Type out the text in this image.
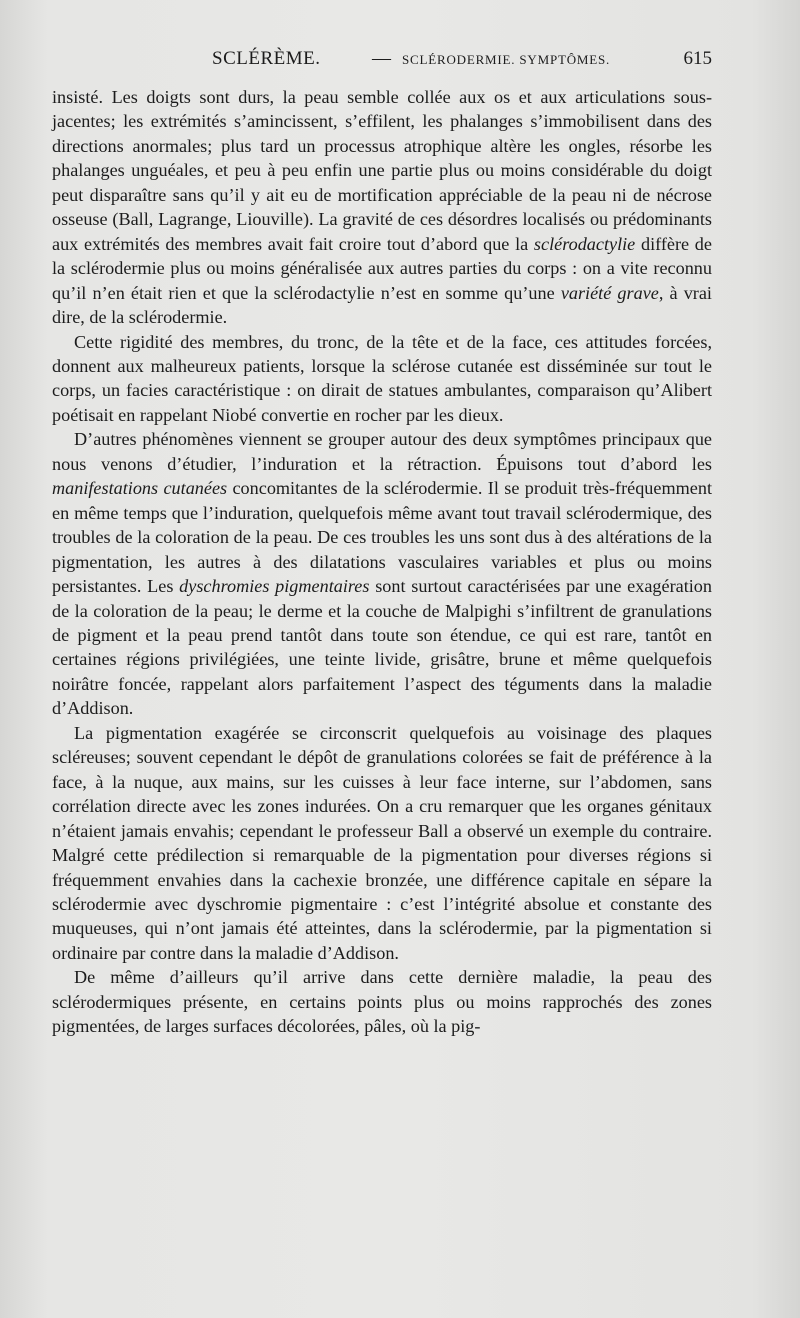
SCLÉRÈME.	— SCLÉRODERMIE. SYMPTÔMES.	615

insisté. Les doigts sont durs, la peau semble collée aux os et aux articulations sous-jacentes; les extrémités s’amincissent, s’effilent, les phalanges s’immobilisent dans des directions anormales; plus tard un processus atrophique altère les ongles, résorbe les phalanges unguéales, et peu à peu enfin une partie plus ou moins considérable du doigt peut disparaître sans qu’il y ait eu de mortification appréciable de la peau ni de nécrose osseuse (Ball, Lagrange, Liouville). La gravité de ces désordres localisés ou prédominants aux extrémités des membres avait fait croire tout d’abord que la sclérodactylie diffère de la sclérodermie plus ou moins généralisée aux autres parties du corps : on a vite reconnu qu’il n’en était rien et que la sclérodactylie n’est en somme qu’une variété grave, à vrai dire, de la sclérodermie.

Cette rigidité des membres, du tronc, de la tête et de la face, ces attitudes forcées, donnent aux malheureux patients, lorsque la sclérose cutanée est disséminée sur tout le corps, un facies caractéristique : on dirait de statues ambulantes, comparaison qu’Alibert poétisait en rappelant Niobé convertie en rocher par les dieux.

D’autres phénomènes viennent se grouper autour des deux symptômes principaux que nous venons d’étudier, l’induration et la rétraction. Épuisons tout d’abord les manifestations cutanées concomitantes de la sclérodermie. Il se produit très-fréquemment en même temps que l’induration, quelquefois même avant tout travail sclérodermique, des troubles de la coloration de la peau. De ces troubles les uns sont dus à des altérations de la pigmentation, les autres à des dilatations vasculaires variables et plus ou moins persistantes. Les dyschromies pigmentaires sont surtout caractérisées par une exagération de la coloration de la peau; le derme et la couche de Malpighi s’infiltrent de granulations de pigment et la peau prend tantôt dans toute son étendue, ce qui est rare, tantôt en certaines régions privilégiées, une teinte livide, grisâtre, brune et même quelquefois noirâtre foncée, rappelant alors parfaitement l’aspect des téguments dans la maladie d’Addison.

La pigmentation exagérée se circonscrit quelquefois au voisinage des plaques scléreuses; souvent cependant le dépôt de granulations colorées se fait de préférence à la face, à la nuque, aux mains, sur les cuisses à leur face interne, sur l’abdomen, sans corrélation directe avec les zones indurées. On a cru remarquer que les organes génitaux n’étaient jamais envahis; cependant le professeur Ball a observé un exemple du contraire. Malgré cette prédilection si remarquable de la pigmentation pour diverses régions si fréquemment envahies dans la cachexie bronzée, une différence capitale en sépare la sclérodermie avec dyschromie pigmentaire : c’est l’intégrité absolue et constante des muqueuses, qui n’ont jamais été atteintes, dans la sclérodermie, par la pigmentation si ordinaire par contre dans la maladie d’Addison.

De même d’ailleurs qu’il arrive dans cette dernière maladie, la peau des sclérodermiques présente, en certains points plus ou moins rapprochés des zones pigmentées, de larges surfaces décolorées, pâles, où la pig-
